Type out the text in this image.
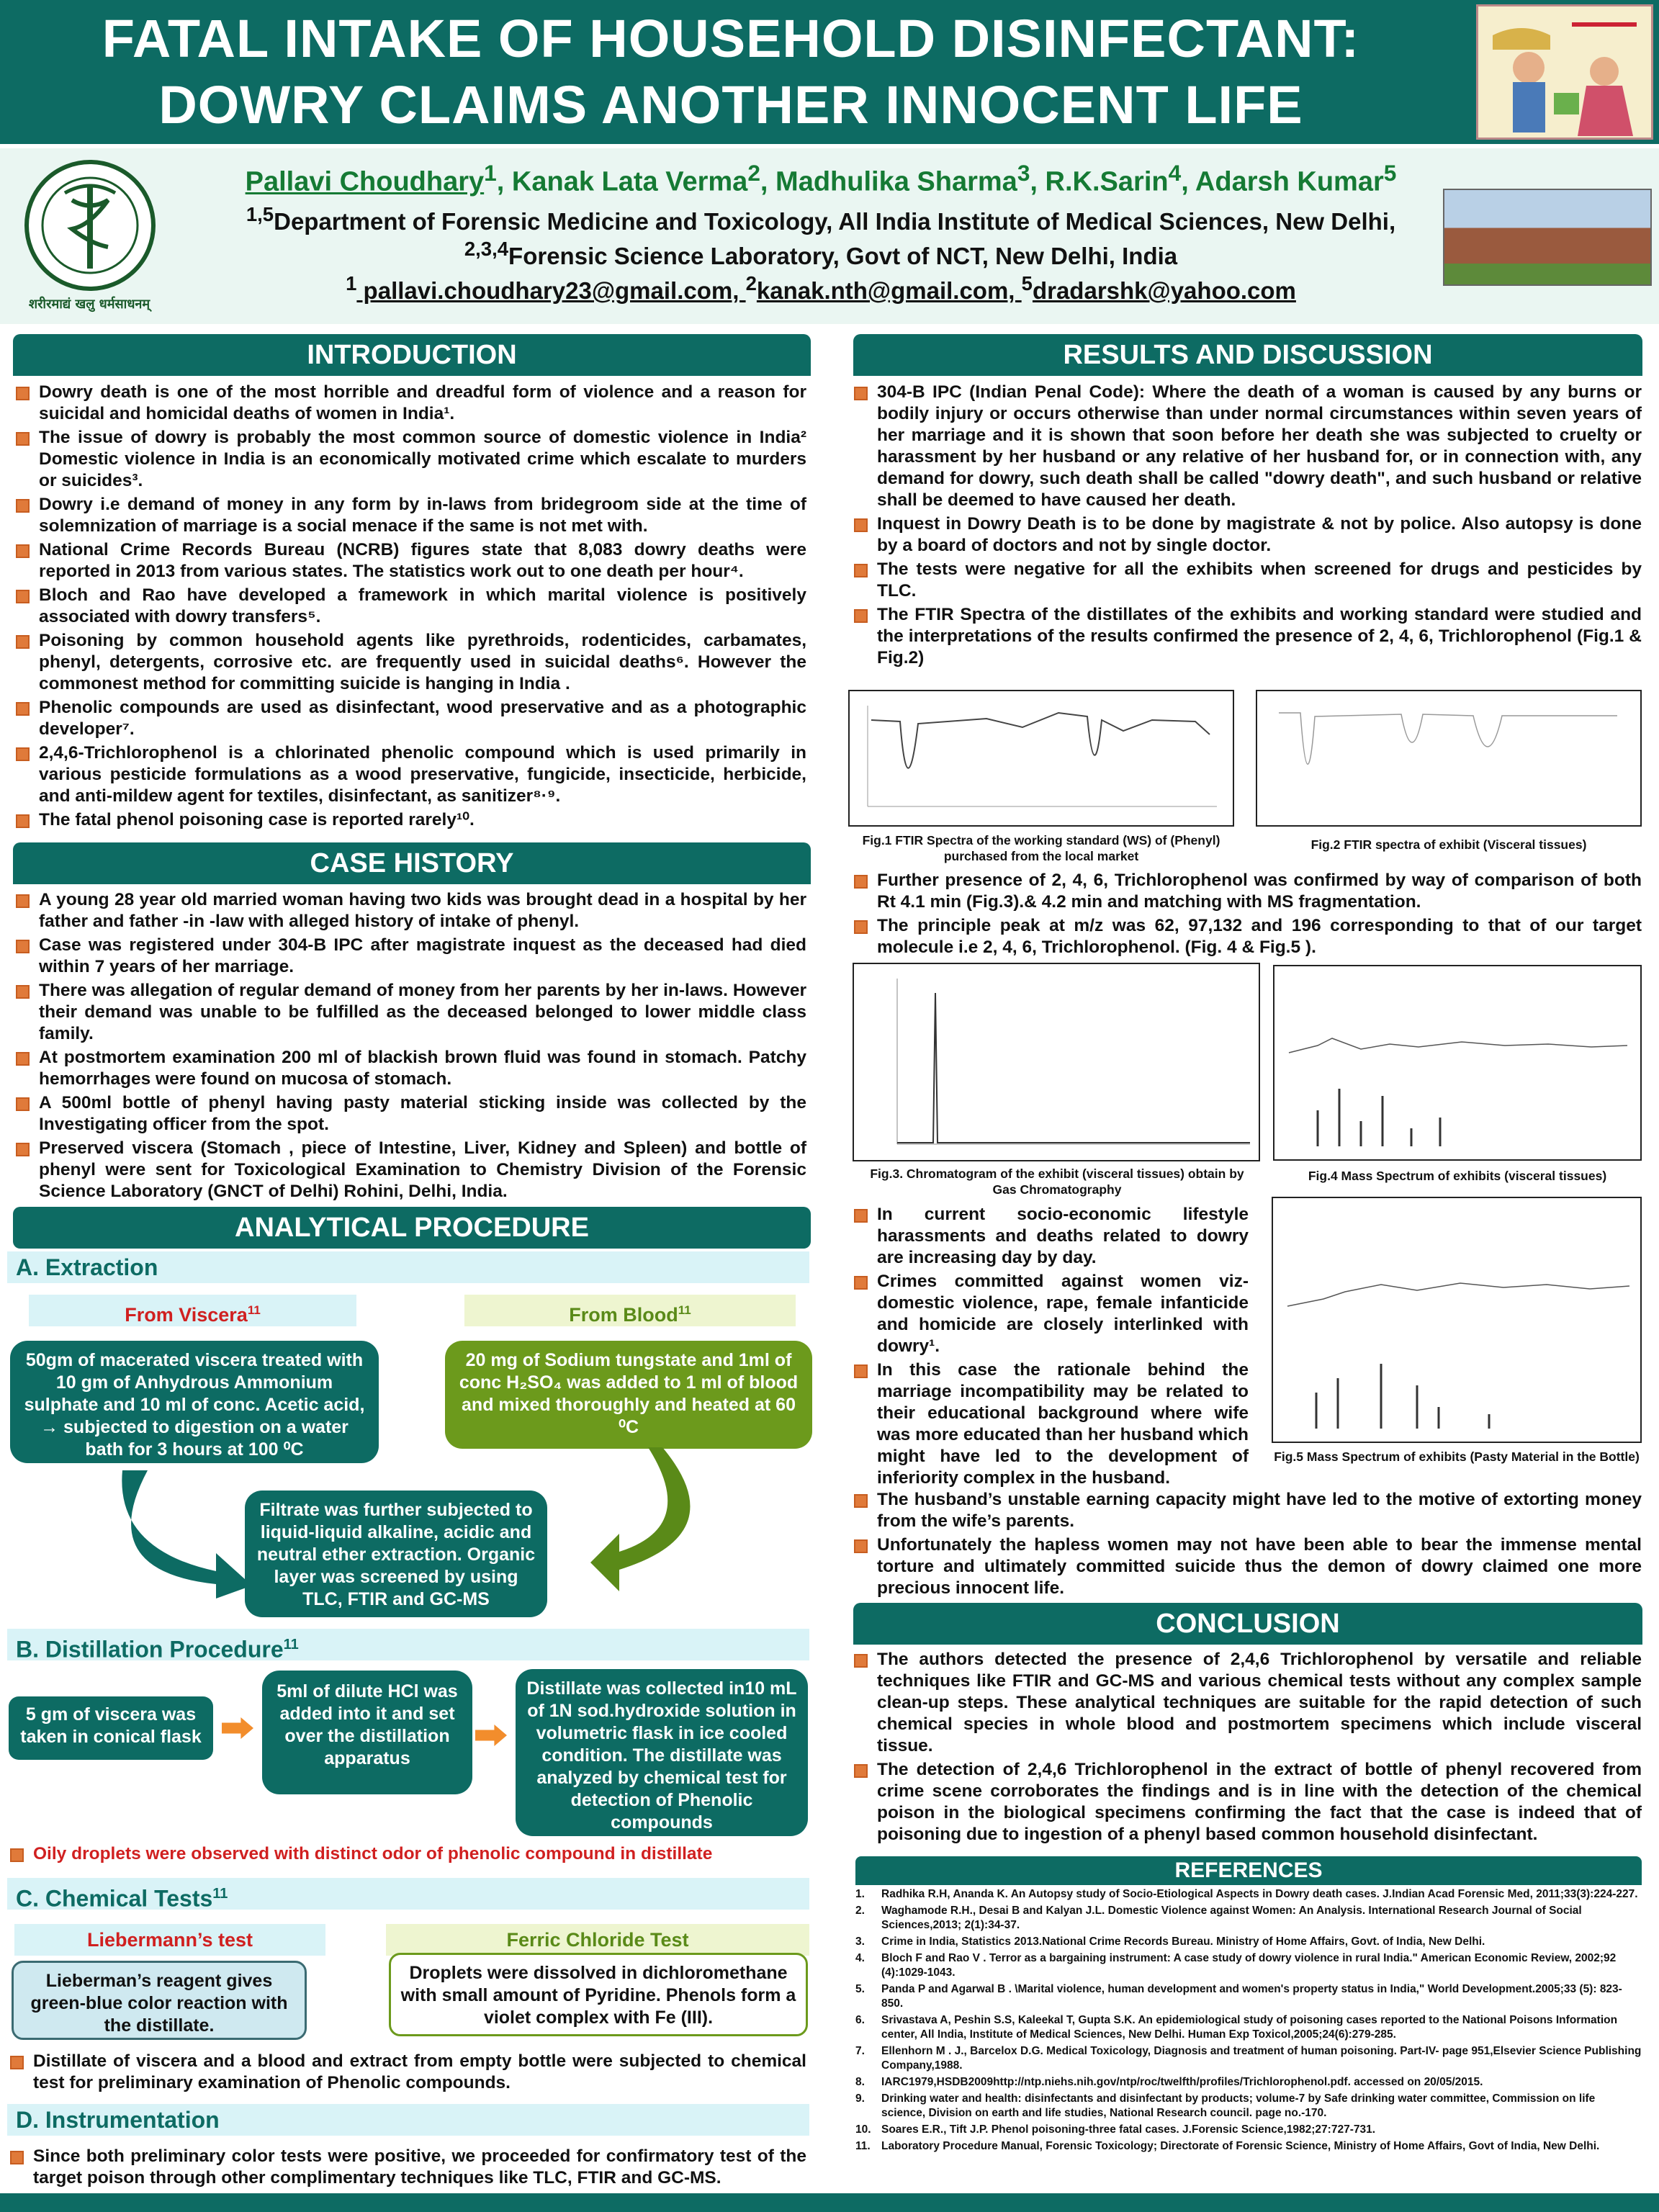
FATAL INTAKE OF HOUSEHOLD DISINFECTANT:
DOWRY CLAIMS ANOTHER INNOCENT LIFE
शरीरमाद्यं खलु धर्मसाधनम्
Pallavi Choudhary$^1$, Kanak Lata Verma$^2$, Madhulika Sharma$^3$, R.K.Sarin$^4$, Adarsh Kumar$^5$
$^{1,5}$Department of Forensic Medicine and Toxicology, All India Institute of Medical Sciences, New Delhi,
$^{2,3,4}$Forensic Science Laboratory, Govt of NCT, New Delhi, India
$^1$ pallavi.choudhary23@gmail.com, $^2$kanak.nth@gmail.com, $^5$dradarshk@yahoo.com
INTRODUCTION
Dowry death is one of the most horrible and dreadful form of violence and a reason for suicidal and homicidal deaths of women in India¹.
The issue of dowry is probably the most common source of domestic violence in India² Domestic violence in India is an economically motivated crime which escalate to murders or suicides³.
Dowry i.e demand of money in any form by in-laws from bridegroom side at the time of solemnization of marriage is a social menace if the same is not met with.
National Crime Records Bureau (NCRB) figures state that 8,083 dowry deaths were reported in 2013 from various states. The statistics work out to one death per hour⁴.
Bloch and Rao have developed a framework in which marital violence is positively associated with dowry transfers⁵.
Poisoning by common household agents like pyrethroids, rodenticides, carbamates, phenyl, detergents, corrosive etc. are frequently used in suicidal deaths⁶. However the commonest method for committing suicide is hanging in India .
Phenolic compounds are used as disinfectant, wood preservative and as a photographic developer⁷.
2,4,6-Trichlorophenol is a chlorinated phenolic compound which is used primarily in various pesticide formulations as a wood preservative, fungicide, insecticide, herbicide, and anti-mildew agent for textiles, disinfectant, as sanitizer⁸·⁹.
The fatal phenol poisoning case is reported rarely¹⁰.
CASE HISTORY
A young 28 year old married woman having two kids was brought dead in a hospital by her father and father -in -law with alleged history of intake of phenyl.
Case was registered under 304-B IPC after magistrate inquest as the deceased had died within 7 years of her marriage.
There was allegation of regular demand of money from her parents by her in-laws. However their demand was unable to be fulfilled as the deceased belonged to lower middle class family.
At postmortem examination 200 ml of blackish brown fluid was found in stomach. Patchy hemorrhages were found on mucosa of stomach.
A 500ml bottle of phenyl having pasty material sticking inside was collected by the Investigating officer from the spot.
Preserved viscera (Stomach , piece of Intestine, Liver, Kidney and Spleen) and bottle of phenyl were sent for Toxicological Examination to Chemistry Division of the Forensic Science Laboratory (GNCT of Delhi) Rohini, Delhi, India.
ANALYTICAL PROCEDURE
A. Extraction
From Viscera$^{11}$	From Blood$^{11}$
50gm of macerated viscera treated with 10 gm of Anhydrous Ammonium sulphate and 10 ml of conc. Acetic acid, → subjected to digestion on a water bath for 3 hours at 100 ⁰C
20 mg of Sodium tungstate and 1ml of conc H₂SO₄ was added to 1 ml of blood and mixed thoroughly and heated at 60 ⁰C
Filtrate was further subjected to liquid-liquid alkaline, acidic and neutral ether extraction. Organic layer was screened by using TLC, FTIR and GC-MS
B. Distillation Procedure$^{11}$
5 gm of viscera was taken in conical flask
5ml of dilute HCl was added into it and set over the distillation apparatus
Distillate was collected in10 mL of 1N sod.hydroxide solution in volumetric flask in ice cooled condition. The distillate was analyzed by chemical test for detection of Phenolic compounds
Oily droplets were observed with distinct odor of phenolic compound in distillate
C. Chemical Tests$^{11}$
Liebermann’s test	Ferric Chloride Test
Lieberman’s reagent gives green-blue color reaction with the distillate.
Droplets were dissolved in dichloromethane with small amount of Pyridine. Phenols form a violet complex with Fe (III).
Distillate of viscera and a blood and extract from empty bottle were subjected to chemical test for preliminary examination of Phenolic compounds.
D. Instrumentation
Since both preliminary color tests were positive, we proceeded for confirmatory test of the target poison through other complimentary techniques like TLC, FTIR and GC-MS.
RESULTS AND DISCUSSION
304-B IPC (Indian Penal Code): Where the death of a woman is caused by any burns or bodily injury or occurs otherwise than under normal circumstances within seven years of her marriage and it is shown that soon before her death she was subjected to cruelty or harassment by her husband or any relative of her husband for, or in connection with, any demand for dowry, such death shall be called "dowry death", and such husband or relative shall be deemed to have caused her death.
Inquest in Dowry Death is to be done by magistrate & not by police. Also autopsy is done by a board of doctors and not by single doctor.
The tests were negative for all the exhibits when screened for drugs and pesticides by TLC.
The FTIR Spectra of the distillates of the exhibits and working standard were studied and the interpretations of the results confirmed the presence of 2, 4, 6, Trichlorophenol (Fig.1 & Fig.2)
Fig.1 FTIR Spectra of the working standard (WS) of (Phenyl) purchased from the local market
Fig.2 FTIR spectra of exhibit (Visceral tissues)
Further presence of 2, 4, 6, Trichlorophenol was confirmed by way of comparison of both Rt 4.1 min (Fig.3).& 4.2 min and matching with MS fragmentation.
The principle peak at m/z was 62, 97,132 and 196 corresponding to that of our target molecule i.e 2, 4, 6, Trichlorophenol. (Fig. 4 & Fig.5 ).
Fig.3. Chromatogram of the exhibit (visceral tissues) obtain by Gas Chromatography
Fig.4 Mass Spectrum of exhibits (visceral tissues)
In current socio-economic lifestyle harassments and deaths related to dowry are increasing day by day.
Crimes committed against women viz- domestic violence, rape, female infanticide and homicide are closely interlinked with dowry¹.
In this case the rationale behind the marriage incompatibility may be related to their educational background where wife was more educated than her husband which might have led to the development of inferiority complex in the husband.
Fig.5 Mass Spectrum of exhibits (Pasty Material in the Bottle)
The husband’s unstable earning capacity might have led to the motive of extorting money from the wife’s parents.
Unfortunately the hapless women may not have been able to bear the immense mental torture and ultimately committed suicide thus the demon of dowry claimed one more precious innocent life.
CONCLUSION
The authors detected the presence of 2,4,6 Trichlorophenol by versatile and reliable techniques like FTIR and GC-MS and various chemical tests without any complex sample clean-up steps. These analytical techniques are suitable for the rapid detection of such chemical species in whole blood and postmortem specimens which include visceral tissue.
The detection of 2,4,6 Trichlorophenol in the extract of bottle of phenyl recovered from crime scene corroborates the findings and is in line with the detection of the chemical poison in the biological specimens confirming the fact that the case is indeed that of poisoning due to ingestion of a phenyl based common household disinfectant.
REFERENCES
1. Radhika R.H, Ananda K. An Autopsy study of Socio-Etiological Aspects in Dowry death cases. J.Indian Acad Forensic Med, 2011;33(3):224-227.
2. Waghamode R.H., Desai B and Kalyan J.L. Domestic Violence against Women: An Analysis. International Research Journal of Social Sciences,2013; 2(1):34-37.
3. Crime in India, Statistics 2013.National Crime Records Bureau. Ministry of Home Affairs, Govt. of India, New Delhi.
4. Bloch F and Rao V . Terror as a bargaining instrument: A case study of dowry violence in rural India." American Economic Review, 2002;92 (4):1029-1043.
5. Panda P and Agarwal B . \Marital violence, human development and women's property status in India," World Development.2005;33 (5): 823-850.
6. Srivastava A, Peshin S.S, Kaleekal T, Gupta S.K. An epidemiological study of poisoning cases reported to the National Poisons Information center, All India, Institute of Medical Sciences, New Delhi. Human Exp Toxicol,2005;24(6):279-285.
7. Ellenhorn M . J., Barcelox D.G. Medical Toxicology, Diagnosis and treatment of human poisoning. Part-IV- page 951,Elsevier Science Publishing Company,1988.
8. IARC1979,HSDB2009http://ntp.niehs.nih.gov/ntp/roc/twelfth/profiles/Trichlorophenol.pdf. accessed on 20/05/2015.
9. Drinking water and health: disinfectants and disinfectant by products; volume-7 by Safe drinking water committee, Commission on life science, Division on earth and life studies, National Research council. page no.-170.
10. Soares E.R., Tift J.P. Phenol poisoning-three fatal cases. J.Forensic Science,1982;27:727-731.
11. Laboratory Procedure Manual, Forensic Toxicology; Directorate of Forensic Science, Ministry of Home Affairs, Govt of India, New Delhi.
